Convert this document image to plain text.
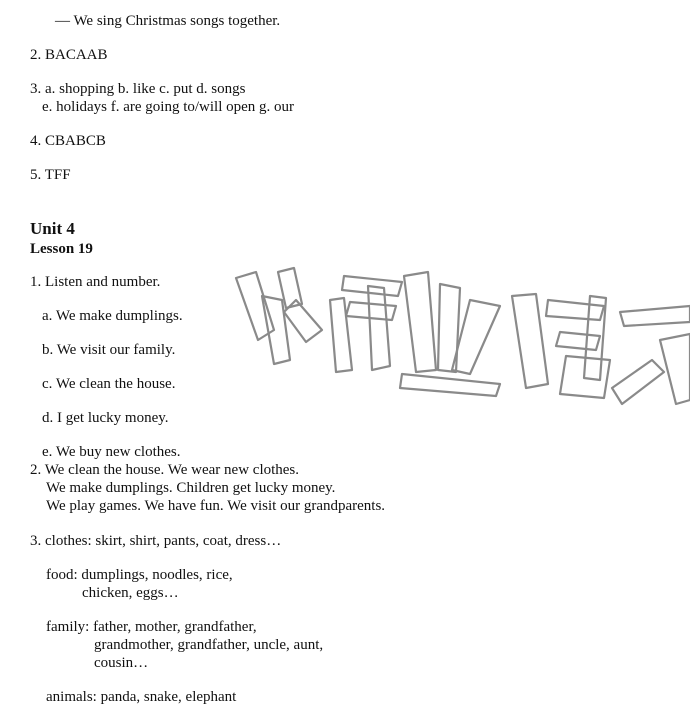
— We sing Christmas songs together.
2. BACAAB
3. a. shopping b. like c. put d. songs
e. holidays f. are going to/will open g. our
4. CBABCB
5. TFF
Unit 4
Lesson 19
1. Listen and number.
a. We make dumplings.
b. We visit our family.
c. We clean the house.
d. I get lucky money.
e. We buy new clothes.
2. We clean the house. We wear new clothes.
We make dumplings. Children get lucky money.
We play games. We have fun. We visit our grandparents.
3. clothes: skirt, shirt, pants, coat, dress…
food: dumplings, noodles, rice,
chicken, eggs…
family: father, mother, grandfather,
grandmother, grandfather, uncle, aunt,
cousin…
animals: panda, snake, elephant
